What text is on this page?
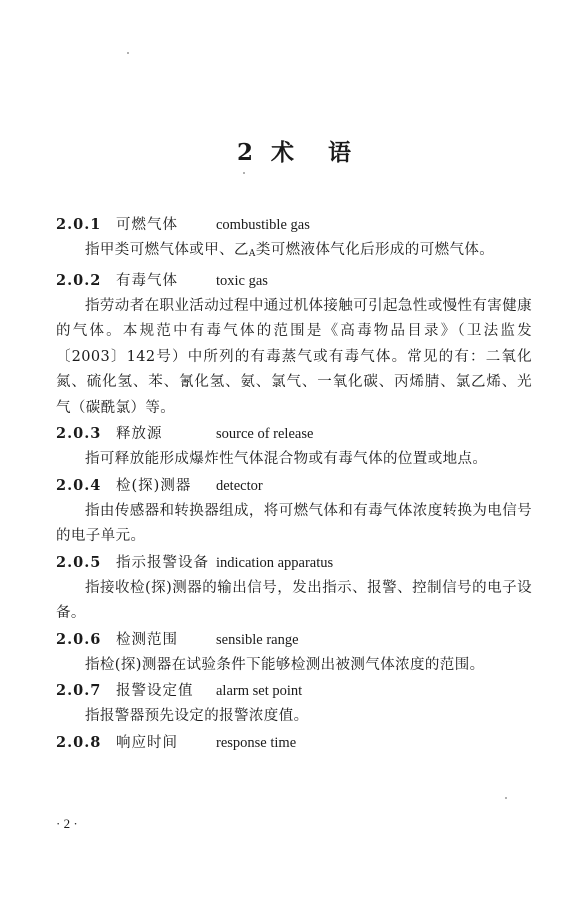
2 术 语
2.0.1 可燃气体	combustible gas
指甲类可燃气体或甲、乙$_A$类可燃液体气化后形成的可燃气体。
2.0.2 有毒气体	toxic gas
指劳动者在职业活动过程中通过机体接触可引起急性或慢性有害健康的气体。本规范中有毒气体的范围是《高毒物品目录》（卫法监发〔2003〕142号）中所列的有毒蒸气或有毒气体。常见的有：二氧化氮、硫化氢、苯、氰化氢、氨、氯气、一氧化碳、丙烯腈、氯乙烯、光气（碳酰氯）等。
2.0.3 释放源	source of release
指可释放能形成爆炸性气体混合物或有毒气体的位置或地点。
2.0.4 检(探)测器 detector
指由传感器和转换器组成，将可燃气体和有毒气体浓度转换为电信号的电子单元。
2.0.5 指示报警设备 indication apparatus
指接收检(探)测器的输出信号，发出指示、报警、控制信号的电子设备。
2.0.6 检测范围	sensible range
指检(探)测器在试验条件下能够检测出被测气体浓度的范围。
2.0.7 报警设定值 alarm set point
指报警器预先设定的报警浓度值。
2.0.8 响应时间	response time
· 2 ·
